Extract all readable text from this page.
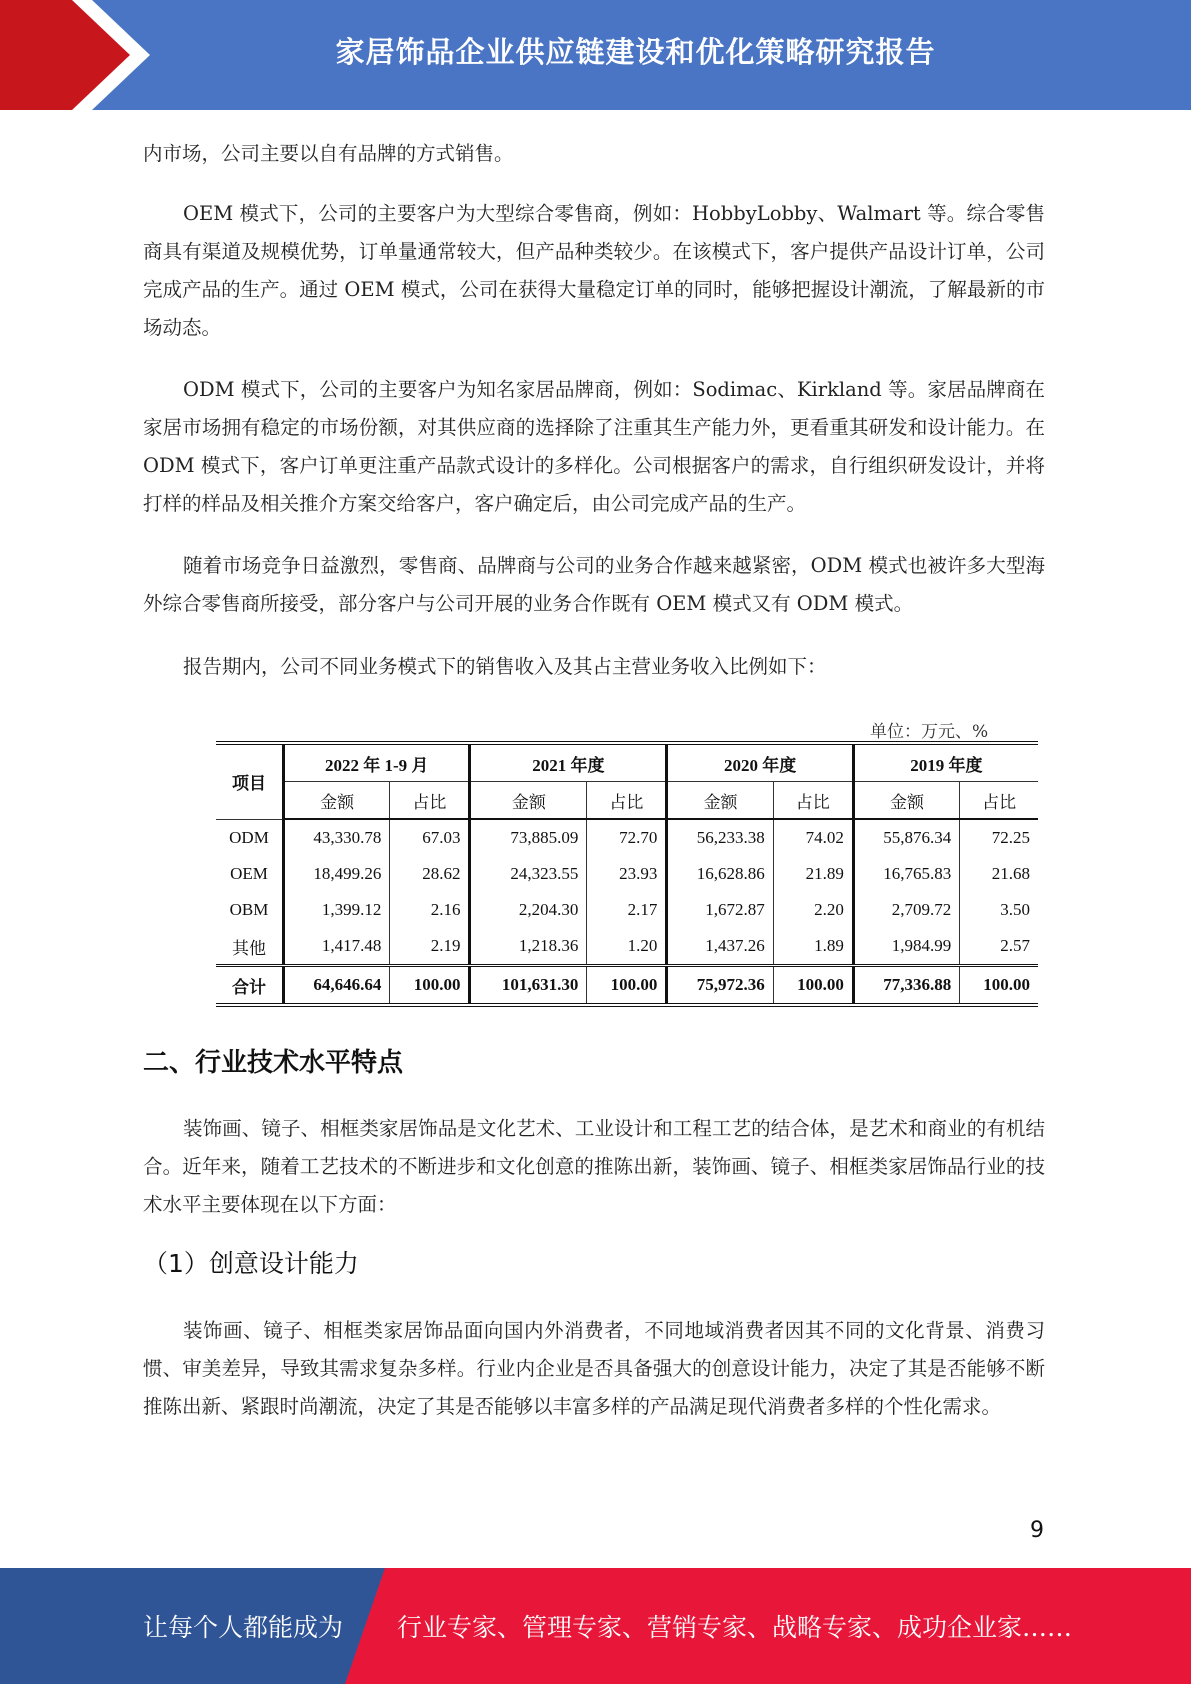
家居饰品企业供应链建设和优化策略研究报告

内市场，公司主要以自有品牌的方式销售。

OEM 模式下，公司的主要客户为大型综合零售商，例如：HobbyLobby、Walmart 等。综合零售商具有渠道及规模优势，订单量通常较大，但产品种类较少。在该模式下，客户提供产品设计订单，公司完成产品的生产。通过 OEM 模式，公司在获得大量稳定订单的同时，能够把握设计潮流，了解最新的市场动态。

ODM 模式下，公司的主要客户为知名家居品牌商，例如：Sodimac、Kirkland 等。家居品牌商在家居市场拥有稳定的市场份额，对其供应商的选择除了注重其生产能力外，更看重其研发和设计能力。在 ODM 模式下，客户订单更注重产品款式设计的多样化。公司根据客户的需求，自行组织研发设计，并将打样的样品及相关推介方案交给客户，客户确定后，由公司完成产品的生产。

随着市场竞争日益激烈，零售商、品牌商与公司的业务合作越来越紧密，ODM 模式也被许多大型海外综合零售商所接受，部分客户与公司开展的业务合作既有 OEM 模式又有 ODM 模式。

报告期内，公司不同业务模式下的销售收入及其占主营业务收入比例如下：

单位：万元、%
项目	2022 年 1-9 月		2021 年度		2020 年度		2019 年度	
	金额	占比	金额	占比	金额	占比	金额	占比
ODM	43,330.78	67.03	73,885.09	72.70	56,233.38	74.02	55,876.34	72.25
OEM	18,499.26	28.62	24,323.55	23.93	16,628.86	21.89	16,765.83	21.68
OBM	1,399.12	2.16	2,204.30	2.17	1,672.87	2.20	2,709.72	3.50
其他	1,417.48	2.19	1,218.36	1.20	1,437.26	1.89	1,984.99	2.57
合计	64,646.64	100.00	101,631.30	100.00	75,972.36	100.00	77,336.88	100.00
二、行业技术水平特点

装饰画、镜子、相框类家居饰品是文化艺术、工业设计和工程工艺的结合体，是艺术和商业的有机结合。近年来，随着工艺技术的不断进步和文化创意的推陈出新，装饰画、镜子、相框类家居饰品行业的技术水平主要体现在以下方面：

（1）创意设计能力

装饰画、镜子、相框类家居饰品面向国内外消费者，不同地域消费者因其不同的文化背景、消费习惯、审美差异，导致其需求复杂多样。行业内企业是否具备强大的创意设计能力，决定了其是否能够不断推陈出新、紧跟时尚潮流，决定了其是否能够以丰富多样的产品满足现代消费者多样的个性化需求。

9
让每个人都能成为 行业专家、管理专家、营销专家、战略专家、成功企业家……
